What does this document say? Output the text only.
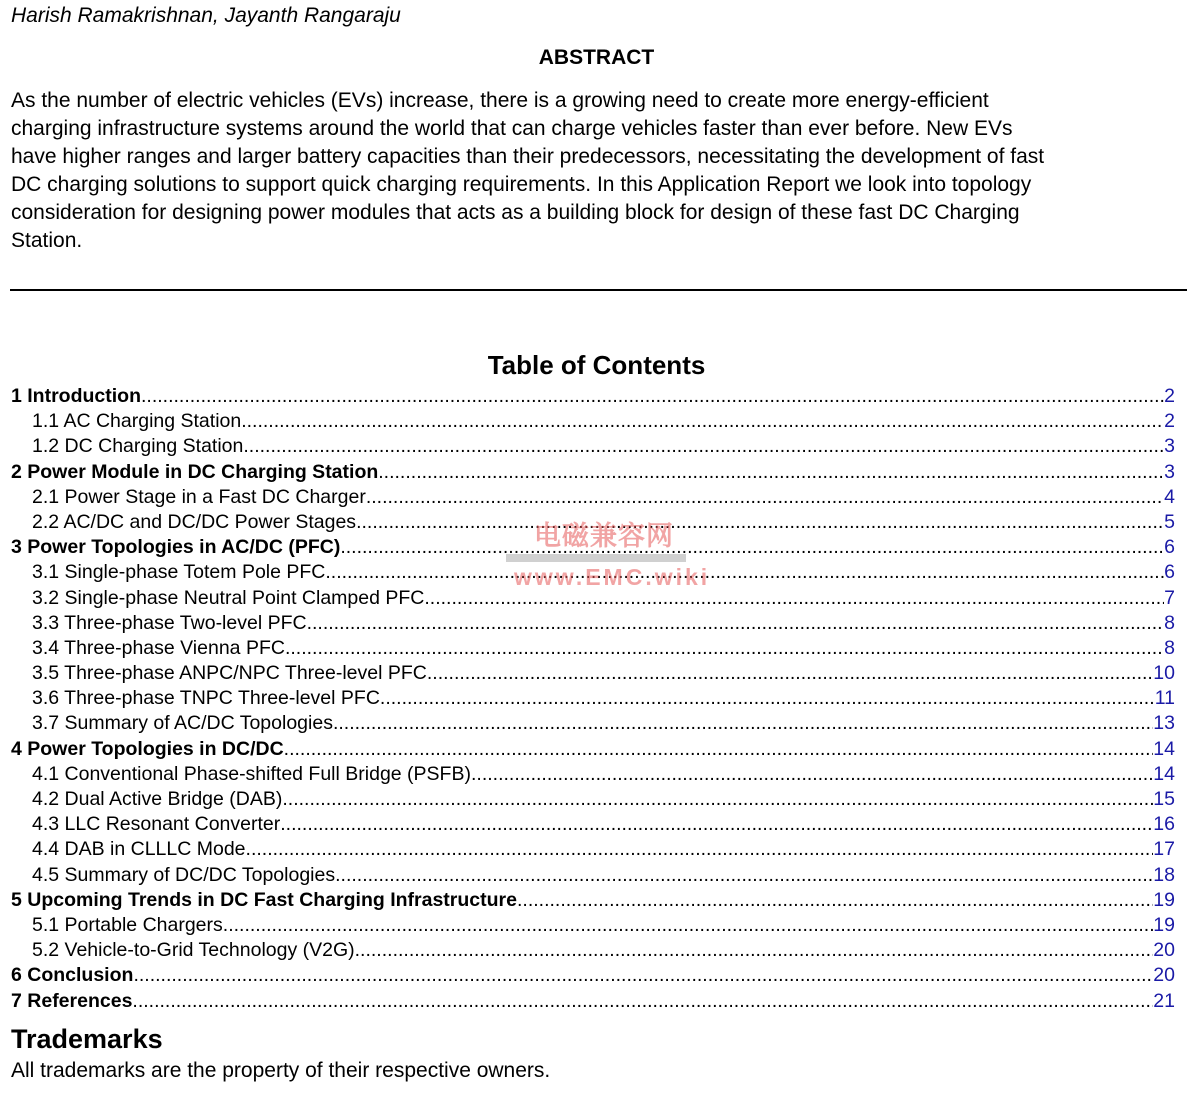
Harish Ramakrishnan, Jayanth Rangaraju
ABSTRACT

As the number of electric vehicles (EVs) increase, there is a growing need to create more energy-efficient
charging infrastructure systems around the world that can charge vehicles faster than ever before. New EVs
have higher ranges and larger battery capacities than their predecessors, necessitating the development of fast
DC charging solutions to support quick charging requirements. In this Application Report we look into topology
consideration for designing power modules that acts as a building block for design of these fast DC Charging
Station.

Table of Contents
1 Introduction .....	2
1.1 AC Charging Station .....	2
1.2 DC Charging Station .....	3
2 Power Module in DC Charging Station .....	3
2.1 Power Stage in a Fast DC Charger .....	4
2.2 AC/DC and DC/DC Power Stages .....	5
3 Power Topologies in AC/DC (PFC) .....	6
3.1 Single-phase Totem Pole PFC .....	6
3.2 Single-phase Neutral Point Clamped PFC .....	7
3.3 Three-phase Two-level PFC .....	8
3.4 Three-phase Vienna PFC .....	8
3.5 Three-phase ANPC/NPC Three-level PFC .....	10
3.6 Three-phase TNPC Three-level PFC .....	11
3.7 Summary of AC/DC Topologies .....	13
4 Power Topologies in DC/DC .....	14
4.1 Conventional Phase-shifted Full Bridge (PSFB) .....	14
4.2 Dual Active Bridge (DAB) .....	15
4.3 LLC Resonant Converter .....	16
4.4 DAB in CLLLC Mode .....	17
4.5 Summary of DC/DC Topologies .....	18
5 Upcoming Trends in DC Fast Charging Infrastructure .....	19
5.1 Portable Chargers .....	19
5.2 Vehicle-to-Grid Technology (V2G) .....	20
6 Conclusion .....	20
7 References .....	21
Trademarks
All trademarks are the property of their respective owners.
电磁兼容网
www.EMC.wiki
